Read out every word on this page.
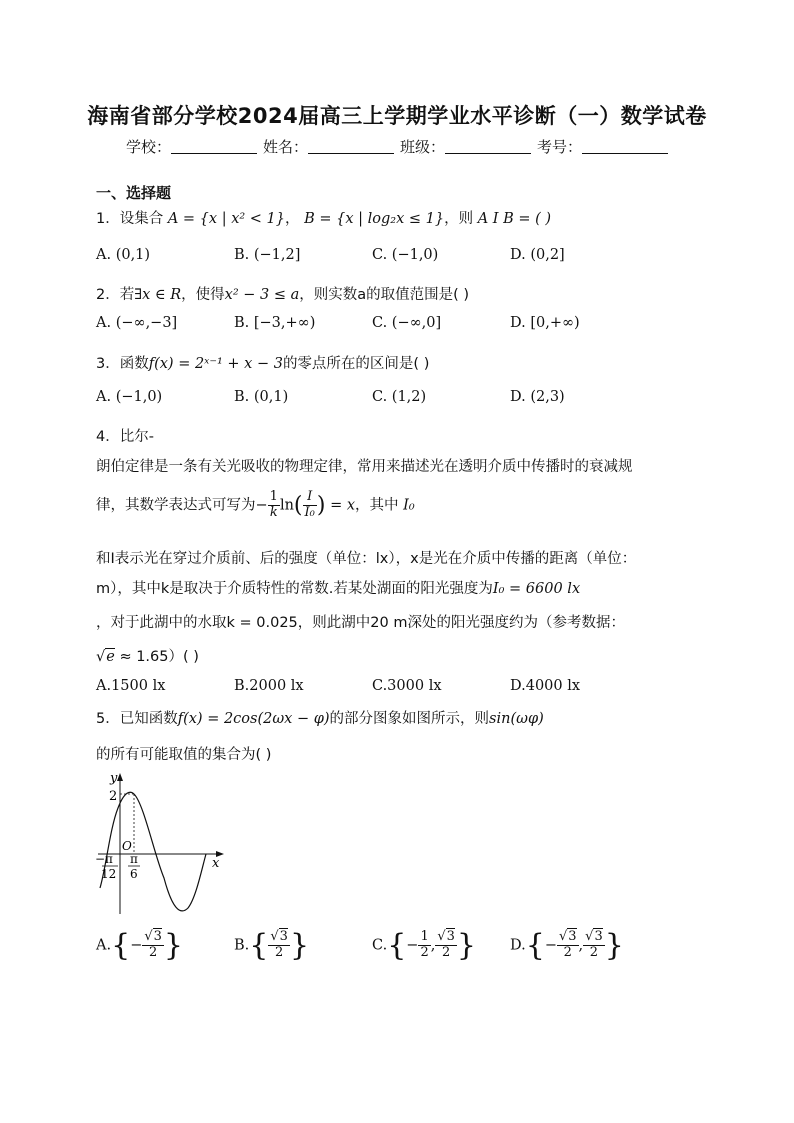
海南省部分学校2024届高三上学期学业水平诊断（一）数学试卷
学校：	姓名：	班级：	考号：
一、选择题
1．设集合 A = {x | x² < 1}， B = {x | log₂x ≤ 1}，则 A I B = ( )
A. (0,1)	B. (−1,2]	C. (−1,0)	D. (0,2]
2．若∃x ∈ R，使得x² − 3 ≤ a，则实数a的取值范围是( )
A. (−∞,−3]	B. [−3,+∞)	C. (−∞,0]	D. [0,+∞)
3．函数f(x) = 2ˣ⁻¹ + x − 3的零点所在的区间是( )
A. (−1,0)	B. (0,1)	C. (1,2)	D. (2,3)
4．比尔-
朗伯定律是一条有关光吸收的物理定律，常用来描述光在透明介质中传播时的衰减规
律，其数学表达式可写为− $\frac{1}{k} \ln( \frac{I}{\text{I₀}}$ ) = x，其中 I₀
和I表示光在穿过介质前、后的强度（单位：lx），x是光在介质中传播的距离（单位：
m），其中k是取决于介质特性的常数.若某处湖面的阳光强度为I₀ = 6600 lx
，对于此湖中的水取k = 0.025，则此湖中20 m深处的阳光强度约为（参考数据：
√e ≈ 1.65）( )
A.1500 lx	B.2000 lx	C.3000 lx	D.4000 lx
5．已知函数f(x) = 2cos(2ωx − φ)的部分图象如图所示，则sin(ωφ)
的所有可能取值的集合为( )
y
x
2
O
− π
12
π
6
$A.\{- \frac{√3}{2}$ }	$B.\{ \frac{√3}{2}$ }	$C.\{- \frac{1}{2}$ , $\frac{√3}{2}$ } $D.\{- \frac{√3}{2}$ , $\frac{√3}{2}$ }
